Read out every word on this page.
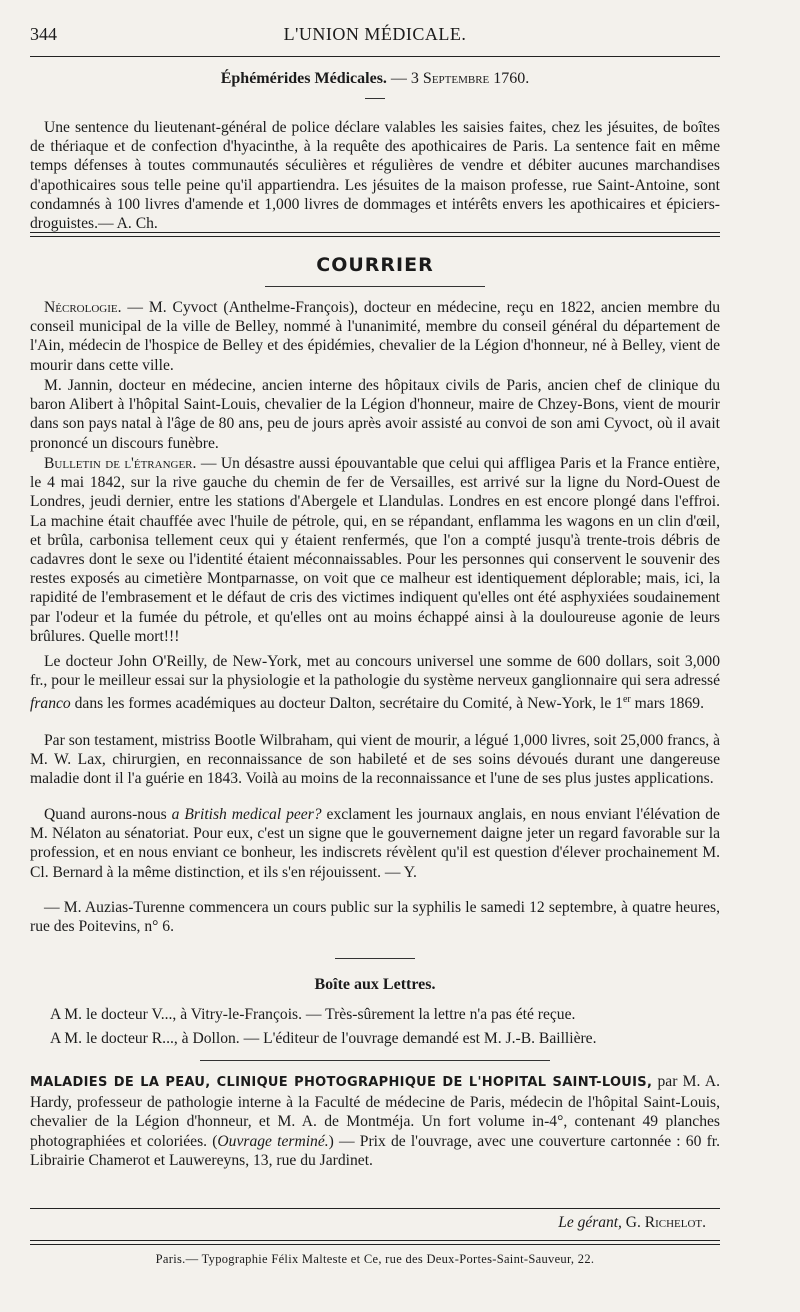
344	L'UNION MÉDICALE.
Éphémérides Médicales. — 3 Septembre 1760.
Une sentence du lieutenant-général de police déclare valables les saisies faites, chez les jésuites, de boîtes de thériaque et de confection d'hyacinthe, à la requête des apothicaires de Paris. La sentence fait en même temps défenses à toutes communautés séculières et régulières de vendre et débiter aucunes marchandises d'apothicaires sous telle peine qu'il appartiendra. Les jésuites de la maison professe, rue Saint-Antoine, sont condamnés à 100 livres d'amende et 1,000 livres de dommages et intérêts envers les apothicaires et épiciers-droguistes.— A. Ch.
COURRIER
Nécrologie. — M. Cyvoct (Anthelme-François), docteur en médecine, reçu en 1822, ancien membre du conseil municipal de la ville de Belley, nommé à l'unanimité, membre du conseil général du département de l'Ain, médecin de l'hospice de Belley et des épidémies, chevalier de la Légion d'honneur, né à Belley, vient de mourir dans cette ville.
M. Jannin, docteur en médecine, ancien interne des hôpitaux civils de Paris, ancien chef de clinique du baron Alibert à l'hôpital Saint-Louis, chevalier de la Légion d'honneur, maire de Chzey-Bons, vient de mourir dans son pays natal à l'âge de 80 ans, peu de jours après avoir assisté au convoi de son ami Cyvoct, où il avait prononcé un discours funèbre.
Bulletin de l'étranger. — Un désastre aussi épouvantable que celui qui affligea Paris et la France entière, le 4 mai 1842, sur la rive gauche du chemin de fer de Versailles, est arrivé sur la ligne du Nord-Ouest de Londres, jeudi dernier, entre les stations d'Abergele et Llandulas. Londres en est encore plongé dans l'effroi. La machine était chauffée avec l'huile de pétrole, qui, en se répandant, enflamma les wagons en un clin d'œil, et brûla, carbonisa tellement ceux qui y étaient renfermés, que l'on a compté jusqu'à trente-trois débris de cadavres dont le sexe ou l'identité étaient méconnaissables. Pour les personnes qui conservent le souvenir des restes exposés au cimetière Montparnasse, on voit que ce malheur est identiquement déplorable; mais, ici, la rapidité de l'embrasement et le défaut de cris des victimes indiquent qu'elles ont été asphyxiées soudainement par l'odeur et la fumée du pétrole, et qu'elles ont au moins échappé ainsi à la douloureuse agonie de leurs brûlures. Quelle mort!!!
Le docteur John O'Reilly, de New-York, met au concours universel une somme de 600 dollars, soit 3,000 fr., pour le meilleur essai sur la physiologie et la pathologie du système nerveux ganglionnaire qui sera adressé franco dans les formes académiques au docteur Dalton, secrétaire du Comité, à New-York, le 1er mars 1869.
Par son testament, mistriss Bootle Wilbraham, qui vient de mourir, a légué 1,000 livres, soit 25,000 francs, à M. W. Lax, chirurgien, en reconnaissance de son habileté et de ses soins dévoués durant une dangereuse maladie dont il l'a guérie en 1843. Voilà au moins de la reconnaissance et l'une de ses plus justes applications.
Quand aurons-nous a British medical peer? exclament les journaux anglais, en nous enviant l'élévation de M. Nélaton au sénatoriat. Pour eux, c'est un signe que le gouvernement daigne jeter un regard favorable sur la profession, et en nous enviant ce bonheur, les indiscrets révèlent qu'il est question d'élever prochainement M. Cl. Bernard à la même distinction, et ils s'en réjouissent. — Y.
— M. Auzias-Turenne commencera un cours public sur la syphilis le samedi 12 septembre, à quatre heures, rue des Poitevins, n° 6.
Boîte aux Lettres.
A M. le docteur V..., à Vitry-le-François. — Très-sûrement la lettre n'a pas été reçue.
A M. le docteur R..., à Dollon. — L'éditeur de l'ouvrage demandé est M. J.-B. Baillière.
MALADIES DE LA PEAU, CLINIQUE PHOTOGRAPHIQUE DE L'HOPITAL SAINT-LOUIS, par M. A. Hardy, professeur de pathologie interne à la Faculté de médecine de Paris, médecin de l'hôpital Saint-Louis, chevalier de la Légion d'honneur, et M. A. de Montméja. Un fort volume in-4°, contenant 49 planches photographiées et coloriées. (Ouvrage terminé.) — Prix de l'ouvrage, avec une couverture cartonnée : 60 fr. Librairie Chamerot et Lauwereyns, 13, rue du Jardinet.
Le gérant, G. Richelot.
Paris.— Typographie Félix Malteste et Ce, rue des Deux-Portes-Saint-Sauveur, 22.
